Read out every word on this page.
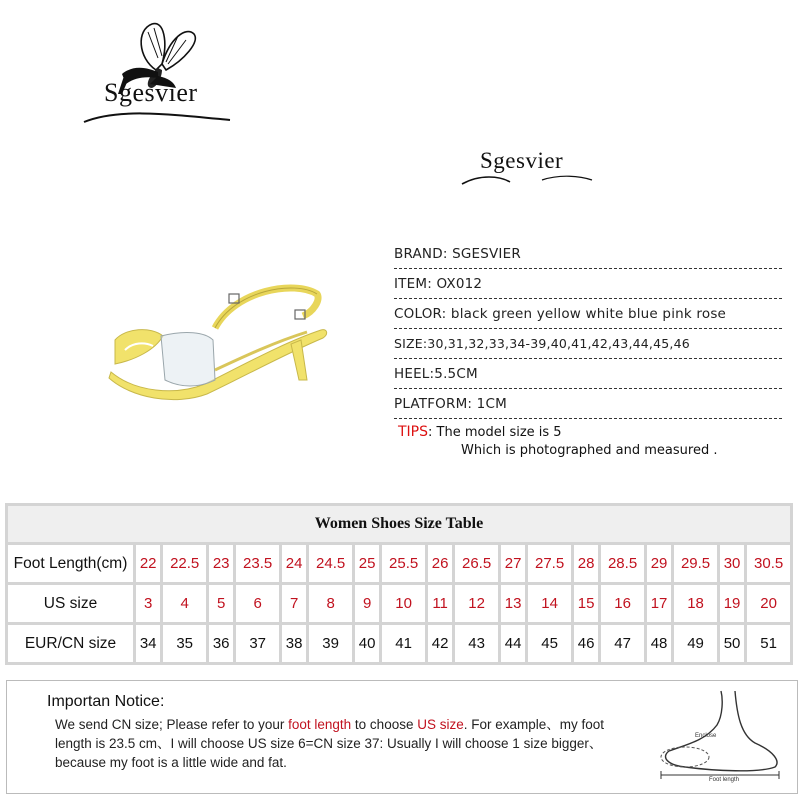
Sgesvier
Sgesvier
BRAND: SGESVIER
ITEM: OX012
COLOR: black green yellow white blue pink rose
SIZE:30,31,32,33,34-39,40,41,42,43,44,45,46
HEEL:5.5CM
PLATFORM: 1CM
TIPS: The model size is 5
Which is photographed and measured .
Women Shoes Size Table																		
Foot Length(cm)	22	22.5	23	23.5	24	24.5	25	25.5	26	26.5	27	27.5	28	28.5	29	29.5	30	30.5
US size	3	4	5	6	7	8	9	10	11	12	13	14	15	16	17	18	19	20
EUR/CN size	34	35	36	37	38	39	40	41	42	43	44	45	46	47	48	49	50	51
Importan Notice:
We send CN size; Please refer to your foot length to choose US size. For example、my foot length is 23.5 cm、I will choose US size 6=CN size 37: Usually I will choose 1 size bigger、because my foot is a little wide and fat.
Enclose
Foot length
